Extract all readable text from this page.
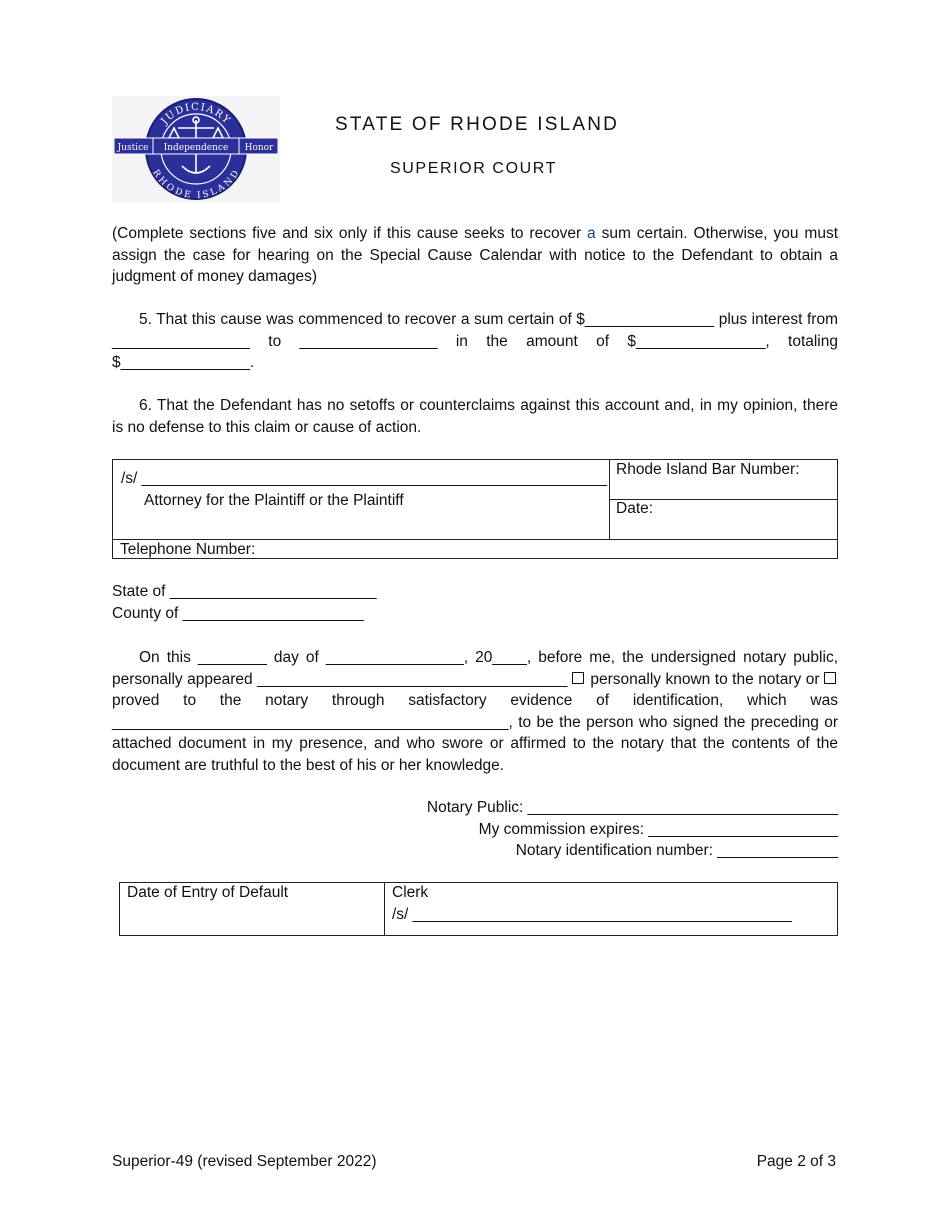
JUDICIARY
RHODE ISLAND
Justice Independence Honor
STATE OF RHODE ISLAND
SUPERIOR COURT

(Complete sections five and six only if this cause seeks to recover a sum certain. Otherwise, you must assign the case for hearing on the Special Cause Calendar with notice to the Defendant to obtain a judgment of money damages)

5. That this cause was commenced to recover a sum certain of $_______________ plus interest from ________________ to ________________ in the amount of $_______________, totaling $_______________.

6. That the Defendant has no setoffs or counterclaims against this account and, in my opinion, there is no defense to this claim or cause of action.

/s/ ______________________________________________________
Attorney for the Plaintiff or the Plaintiff
Rhode Island Bar Number:
Date:
Telephone Number:
State of ________________________
County of _____________________

On this ________ day of ________________, 20____, before me, the undersigned notary public, personally appeared ____________________________________  personally known to the notary or  proved to the notary through satisfactory evidence of identification, which was ______________________________________________, to be the person who signed the preceding or attached document in my presence, and who swore or affirmed to the notary that the contents of the document are truthful to the best of his or her knowledge.

Notary Public: ____________________________________
My commission expires: ______________________
Notary identification number: ______________
Date of Entry of Default	Clerk
/s/ ____________________________________________
Superior-49 (revised September 2022)	Page 2 of 3
